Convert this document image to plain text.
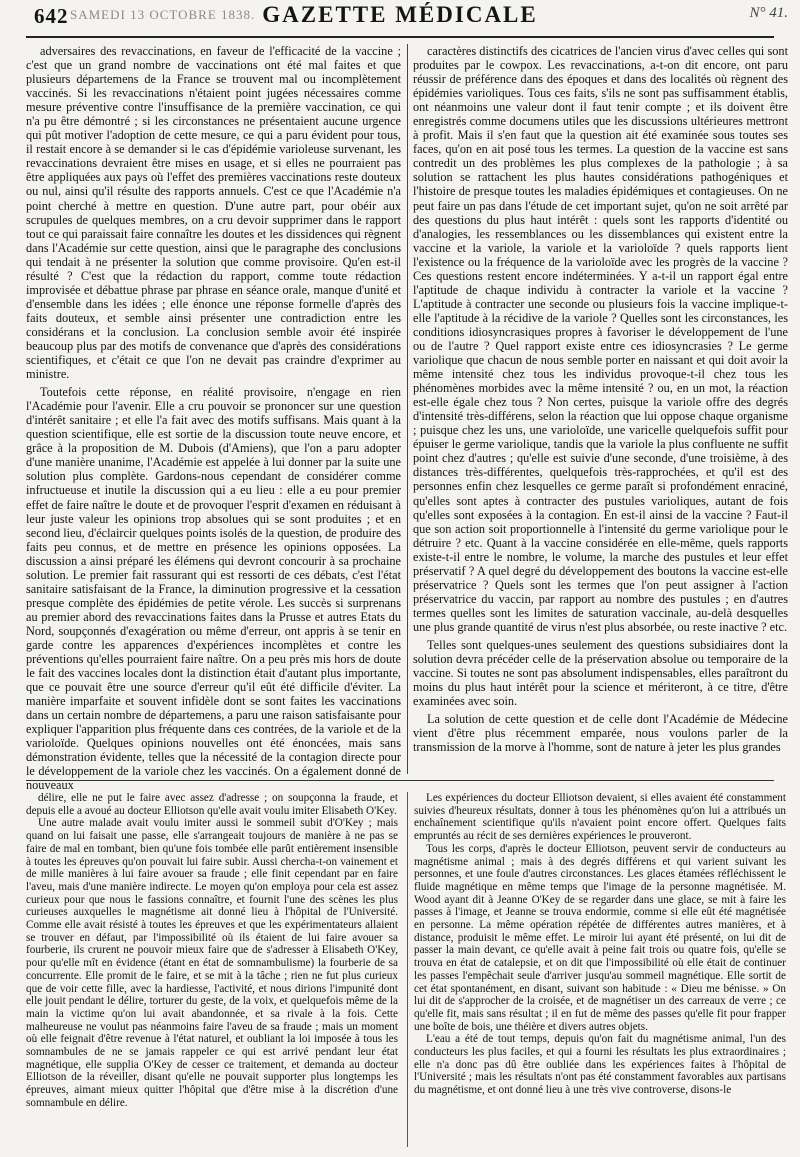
642 SAMEDI 13 OCTOBRE 1838. GAZETTE MÉDICALE	N° 41.

adversaires des revaccinations, en faveur de l'efficacité de la vaccine ; c'est que un grand nombre de vaccinations ont été mal faites et que plusieurs départemens de la France se trouvent mal ou incomplètement vaccinés. Si les revaccinations n'étaient point jugées nécessaires comme mesure préventive contre l'insuffisance de la première vaccination, ce qui n'a pu être démontré ; si les circonstances ne présentaient aucune urgence qui pût motiver l'adoption de cette mesure, ce qui a paru évident pour tous, il restait encore à se demander si le cas d'épidémie varioleuse survenant, les revaccinations devraient être mises en usage, et si elles ne pourraient pas être appliquées aux pays où l'effet des premières vaccinations reste douteux ou nul, ainsi qu'il résulte des rapports annuels. C'est ce que l'Académie n'a point cherché à mettre en question. D'une autre part, pour obéir aux scrupules de quelques membres, on a cru devoir supprimer dans le rapport tout ce qui paraissait faire connaître les doutes et les dissidences qui règnent dans l'Académie sur cette question, ainsi que le paragraphe des conclusions qui tendait à ne présenter la solution que comme provisoire. Qu'en est-il résulté ? C'est que la rédaction du rapport, comme toute rédaction improvisée et débattue phrase par phrase en séance orale, manque d'unité et d'ensemble dans les idées ; elle énonce une réponse formelle d'après des faits douteux, et semble ainsi présenter une contradiction entre les considérans et la conclusion. La conclusion semble avoir été inspirée beaucoup plus par des motifs de convenance que d'après des considérations scientifiques, et c'était ce que l'on ne devait pas craindre d'exprimer au ministre.

Toutefois cette réponse, en réalité provisoire, n'engage en rien l'Académie pour l'avenir. Elle a cru pouvoir se prononcer sur une question d'intérêt sanitaire ; et elle l'a fait avec des motifs suffisans. Mais quant à la question scientifique, elle est sortie de la discussion toute neuve encore, et grâce à la proposition de M. Dubois (d'Amiens), que l'on a paru adopter d'une manière unanime, l'Académie est appelée à lui donner par la suite une solution plus complète. Gardons-nous cependant de considérer comme infructueuse et inutile la discussion qui a eu lieu : elle a eu pour premier effet de faire naître le doute et de provoquer l'esprit d'examen en réduisant à leur juste valeur les opinions trop absolues qui se sont produites ; et en second lieu, d'éclaircir quelques points isolés de la question, de produire des faits peu connus, et de mettre en présence les opinions opposées. La discussion a ainsi préparé les élémens qui devront concourir à sa prochaine solution. Le premier fait rassurant qui est ressorti de ces débats, c'est l'état sanitaire satisfaisant de la France, la diminution progressive et la cessation presque complète des épidémies de petite vérole. Les succès si surprenans au premier abord des revaccinations faites dans la Prusse et autres Etats du Nord, soupçonnés d'exagération ou même d'erreur, ont appris à se tenir en garde contre les apparences d'expériences incomplètes et contre les préventions qu'elles pourraient faire naître. On a peu près mis hors de doute le fait des vaccines locales dont la distinction était d'autant plus importante, que ce pouvait être une source d'erreur qu'il eût été difficile d'éviter. La manière imparfaite et souvent infidèle dont se sont faites les vaccinations dans un certain nombre de départemens, a paru une raison satisfaisante pour expliquer l'apparition plus fréquente dans ces contrées, de la variole et de la varioloïde. Quelques opinions nouvelles ont été énoncées, mais sans démonstration évidente, telles que la nécessité de la contagion directe pour le développement de la variole chez les vaccinés. On a également donné de nouveaux

caractères distinctifs des cicatrices de l'ancien virus d'avec celles qui sont produites par le cowpox. Les revaccinations, a-t-on dit encore, ont paru réussir de préférence dans des époques et dans des localités où règnent des épidémies varioliques. Tous ces faits, s'ils ne sont pas suffisamment établis, ont néanmoins une valeur dont il faut tenir compte ; et ils doivent être enregistrés comme documens utiles que les discussions ultérieures mettront à profit. Mais il s'en faut que la question ait été examinée sous toutes ses faces, qu'on en ait posé tous les termes. La question de la vaccine est sans contredit un des problèmes les plus complexes de la pathologie ; à sa solution se rattachent les plus hautes considérations pathogéniques et l'histoire de presque toutes les maladies épidémiques et contagieuses. On ne peut faire un pas dans l'étude de cet important sujet, qu'on ne soit arrêté par des questions du plus haut intérêt : quels sont les rapports d'identité ou d'analogies, les ressemblances ou les dissemblances qui existent entre la vaccine et la variole, la variole et la varioloïde ? quels rapports lient l'existence ou la fréquence de la varioloïde avec les progrès de la vaccine ? Ces questions restent encore indéterminées. Y a-t-il un rapport égal entre l'aptitude de chaque individu à contracter la variole et la vaccine ? L'aptitude à contracter une seconde ou plusieurs fois la vaccine implique-t-elle l'aptitude à la récidive de la variole ? Quelles sont les circonstances, les conditions idiosyncrasiques propres à favoriser le développement de l'une ou de l'autre ? Quel rapport existe entre ces idiosyncrasies ? Le germe variolique que chacun de nous semble porter en naissant et qui doit avoir la même intensité chez tous les individus provoque-t-il chez tous les phénomènes morbides avec la même intensité ? ou, en un mot, la réaction est-elle égale chez tous ? Non certes, puisque la variole offre des degrés d'intensité très-différens, selon la réaction que lui oppose chaque organisme ; puisque chez les uns, une varioloïde, une varicelle quelquefois suffit pour épuiser le germe variolique, tandis que la variole la plus confluente ne suffit point chez d'autres ; qu'elle est suivie d'une seconde, d'une troisième, à des distances très-différentes, quelquefois très-rapprochées, et qu'il est des personnes enfin chez lesquelles ce germe paraît si profondément enraciné, qu'elles sont aptes à contracter des pustules varioliques, autant de fois qu'elles sont exposées à la contagion. En est-il ainsi de la vaccine ? Faut-il que son action soit proportionnelle à l'intensité du germe variolique pour le détruire ? etc. Quant à la vaccine considérée en elle-même, quels rapports existe-t-il entre le nombre, le volume, la marche des pustules et leur effet préservatif ? A quel degré du développement des boutons la vaccine est-elle préservatrice ? Quels sont les termes que l'on peut assigner à l'action préservatrice du vaccin, par rapport au nombre des pustules ; en d'autres termes quelles sont les limites de saturation vaccinale, au-delà desquelles une plus grande quantité de virus n'est plus absorbée, ou reste inactive ? etc.

Telles sont quelques-unes seulement des questions subsidiaires dont la solution devra précéder celle de la préservation absolue ou temporaire de la vaccine. Si toutes ne sont pas absolument indispensables, elles paraîtront du moins du plus haut intérêt pour la science et mériteront, à ce titre, d'être examinées avec soin.

La solution de cette question et de celle dont l'Académie de Médecine vient d'être plus récemment emparée, nous voulons parler de la transmission de la morve à l'homme, sont de nature à jeter les plus grandes

délire, elle ne put le faire avec assez d'adresse ; on soupçonna la fraude, et depuis elle a avoué au docteur Elliotson qu'elle avait voulu imiter Elisabeth O'Key.

Une autre malade avait voulu imiter aussi le sommeil subit d'O'Key ; mais quand on lui faisait une passe, elle s'arrangeait toujours de manière à ne pas se faire de mal en tombant, bien qu'une fois tombée elle parût entièrement insensible à toutes les épreuves qu'on pouvait lui faire subir. Aussi chercha-t-on vainement et de mille manières à lui faire avouer sa fraude ; elle finit cependant par en faire l'aveu, mais d'une manière indirecte. Le moyen qu'on employa pour cela est assez curieux pour que nous le fassions connaître, et fournit l'une des scènes les plus curieuses auxquelles le magnétisme ait donné lieu à l'hôpital de l'Université. Comme elle avait résisté à toutes les épreuves et que les expérimentateurs allaient se trouver en défaut, par l'impossibilité où ils étaient de lui faire avouer sa fourberie, ils crurent ne pouvoir mieux faire que de s'adresser à Elisabeth O'Key, pour qu'elle mît en évidence (étant en état de somnambulisme) la fourberie de sa concurrente. Elle promit de le faire, et se mit à la tâche ; rien ne fut plus curieux que de voir cette fille, avec la hardiesse, l'activité, et nous dirions l'impunité dont elle jouit pendant le délire, torturer du geste, de la voix, et quelquefois même de la main la victime qu'on lui avait abandonnée, et sa rivale à la fois. Cette malheureuse ne voulut pas néanmoins faire l'aveu de sa fraude ; mais un moment où elle feignait d'être revenue à l'état naturel, et oubliant la loi imposée à tous les somnambules de ne se jamais rappeler ce qui est arrivé pendant leur état magnétique, elle supplia O'Key de cesser ce traitement, et demanda au docteur Elliotson de la réveiller, disant qu'elle ne pouvait supporter plus longtemps les épreuves, aimant mieux quitter l'hôpital que d'être mise à la discrétion d'une somnambule en délire.

Les expériences du docteur Elliotson devaient, si elles avaient été constamment suivies d'heureux résultats, donner à tous les phénomènes qu'on lui a attribués un enchaînement scientifique qu'ils n'avaient point encore offert. Quelques faits empruntés au récit de ses dernières expériences le prouveront.

Tous les corps, d'après le docteur Elliotson, peuvent servir de conducteurs au magnétisme animal ; mais à des degrés différens et qui varient suivant les personnes, et une foule d'autres circonstances. Les glaces étamées réfléchissent le fluide magnétique en même temps que l'image de la personne magnétisée. M. Wood ayant dit à Jeanne O'Key de se regarder dans une glace, se mit à faire les passes à l'image, et Jeanne se trouva endormie, comme si elle eût été magnétisée en personne. La même opération répétée de différentes autres manières, et à distance, produisit le même effet. Le miroir lui ayant été présenté, on lui dit de passer la main devant, ce qu'elle avait à peine fait trois ou quatre fois, qu'elle se trouva en état de catalepsie, et on dit que l'impossibilité où elle était de continuer les passes l'empêchait seule d'arriver jusqu'au sommeil magnétique. Elle sortit de cet état spontanément, en disant, suivant son habitude : « Dieu me bénisse. » On lui dit de s'approcher de la croisée, et de magnétiser un des carreaux de verre ; ce qu'elle fit, mais sans résultat ; il en fut de même des passes qu'elle fit pour frapper une boîte de bois, une théière et divers autres objets.

L'eau a été de tout temps, depuis qu'on fait du magnétisme animal, l'un des conducteurs les plus faciles, et qui a fourni les résultats les plus extraordinaires ; elle n'a donc pas dû être oubliée dans les expériences faites à l'hôpital de l'Université ; mais les résultats n'ont pas été constamment favorables aux partisans du magnétisme, et ont donné lieu à une très vive controverse, disons-le
